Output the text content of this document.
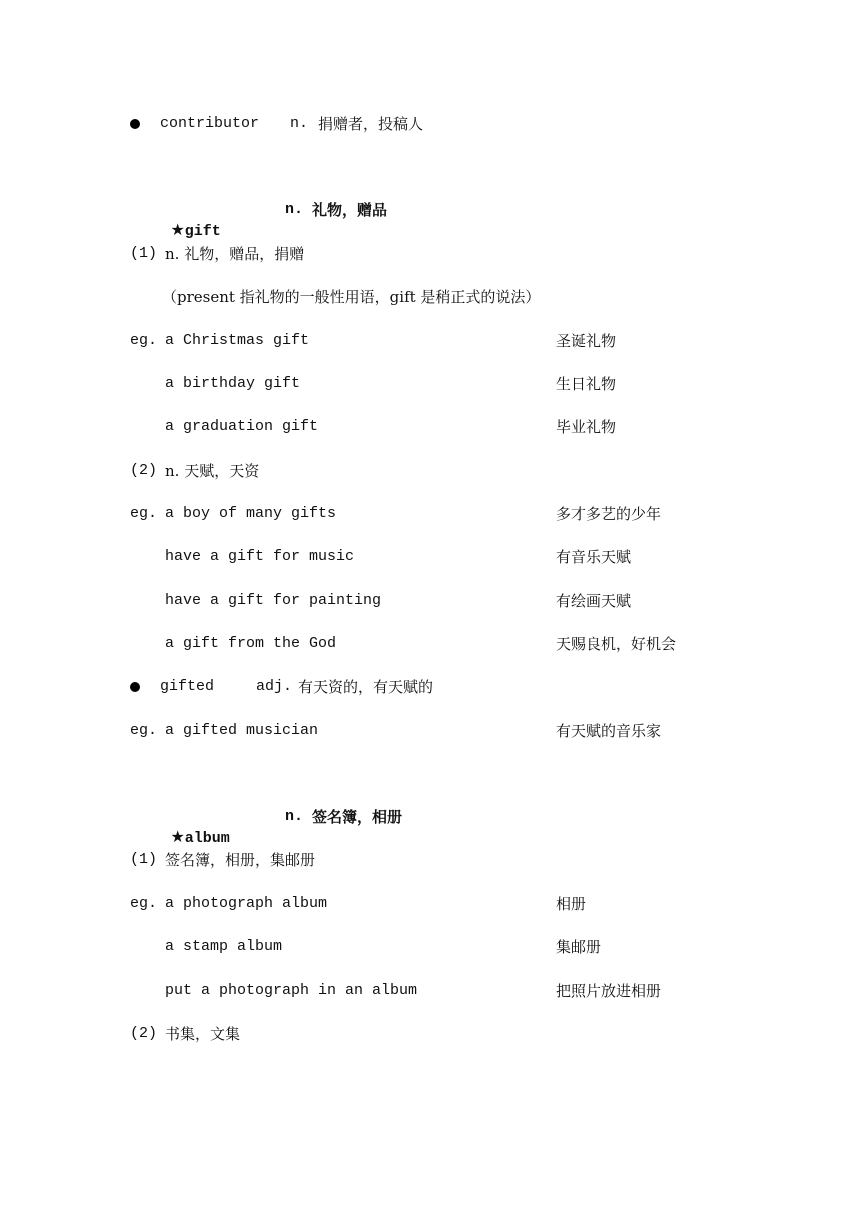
contributor n. 捐赠者，投稿人

★gift

n. 礼物，赠品
(1) n. 礼物，赠品，捐赠
（present 指礼物的一般性用语，gift 是稍正式的说法）
eg. a Christmas gift	圣诞礼物
a birthday gift	生日礼物
a graduation gift	毕业礼物
(2) n. 天赋，天资
eg. a boy of many gifts	多才多艺的少年
have a gift for music	有音乐天赋
have a gift for painting	有绘画天赋
a gift from the God	天赐良机，好机会
gifted	adj. 有天资的，有天赋的
eg. a gifted musician	有天赋的音乐家

★album

n. 签名簿，相册
(1) 签名簿，相册，集邮册
eg. a photograph album	相册
a stamp album	集邮册
put a photograph in an album	把照片放进相册
(2) 书集，文集
